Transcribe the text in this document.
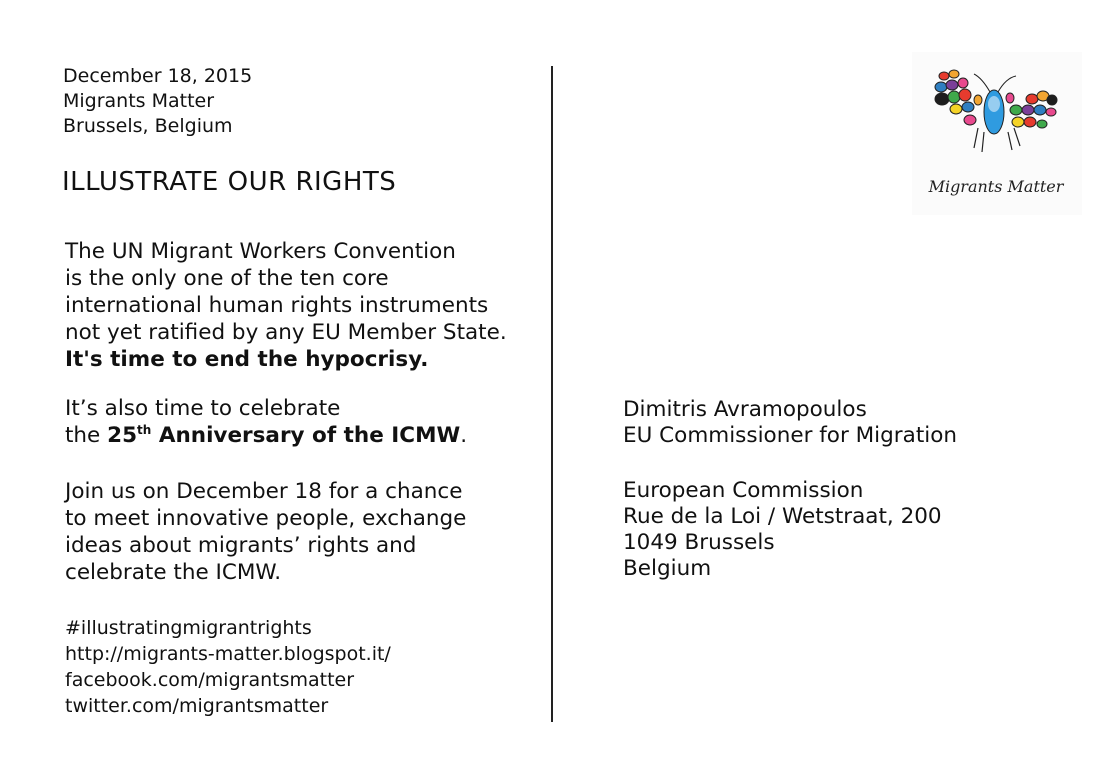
December 18, 2015
Migrants Matter
Brussels, Belgium
ILLUSTRATE OUR RIGHTS
The UN Migrant Workers Convention
is the only one of the ten core
international human rights instruments
not yet ratified by any EU Member State.
It's time to end the hypocrisy.
It’s also time to celebrate
the 25th Anniversary of the ICMW.
Join us on December 18 for a chance
to meet innovative people, exchange
ideas about migrants’ rights and
celebrate the ICMW.
#illustratingmigrantrights
http://migrants-matter.blogspot.it/
facebook.com/migrantsmatter
twitter.com/migrantsmatter
Migrants Matter
Dimitris Avramopoulos
EU Commissioner for Migration
European Commission
Rue de la Loi / Wetstraat, 200
1049 Brussels
Belgium
